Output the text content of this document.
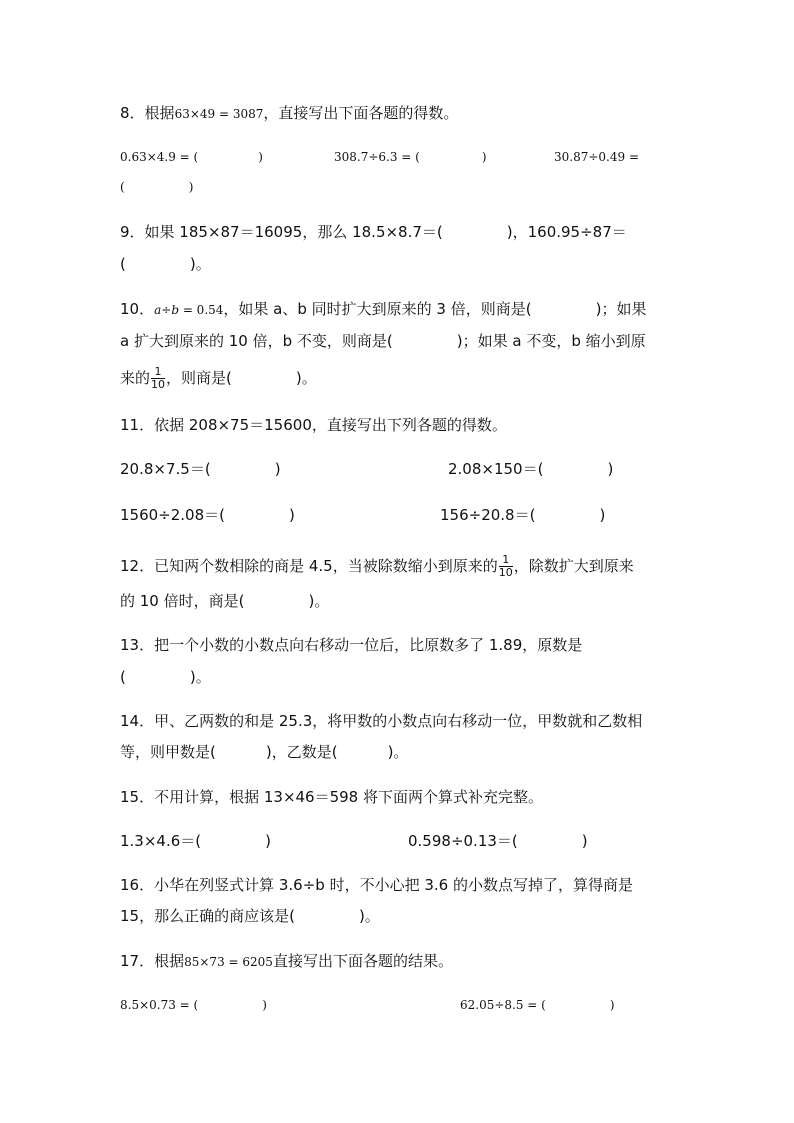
8．根据63×49 = 3087，直接写出下面各题的得数。
0.63×4.9 = (	)	308.7÷6.3 = (	)	30.87÷0.49 =
(	)
9．如果 185×87＝16095，那么 18.5×8.7＝(	)，160.95÷87＝
(	)。
10．a÷b = 0.54，如果 a、b 同时扩大到原来的 3 倍，则商是(	)；如果
a 扩大到原来的 10 倍，b 不变，则商是(	)；如果 a 不变，b 缩小到原
来的 $\frac{1}{10}$ ，则商是(	)。
11．依据 208×75＝15600，直接写出下列各题的得数。
20.8×7.5＝(	)	2.08×150＝(	)
1560÷2.08＝(	)	156÷20.8＝(	)
12．已知两个数相除的商是 4.5，当被除数缩小到原来的 $\frac{1}{10}$ ，除数扩大到原来
的 10 倍时，商是(	)。
13．把一个小数的小数点向右移动一位后，比原数多了 1.89，原数是
(	)。
14．甲、乙两数的和是 25.3，将甲数的小数点向右移动一位，甲数就和乙数相
等，则甲数是(	)，乙数是(	)。
15．不用计算，根据 13×46＝598 将下面两个算式补充完整。
1.3×4.6＝(	)	0.598÷0.13＝(	)
16．小华在列竖式计算 3.6÷b 时，不小心把 3.6 的小数点写掉了，算得商是
15，那么正确的商应该是(	)。
17．根据85×73 = 6205直接写出下面各题的结果。
8.5×0.73 = (	)	62.05÷8.5 = (	)
